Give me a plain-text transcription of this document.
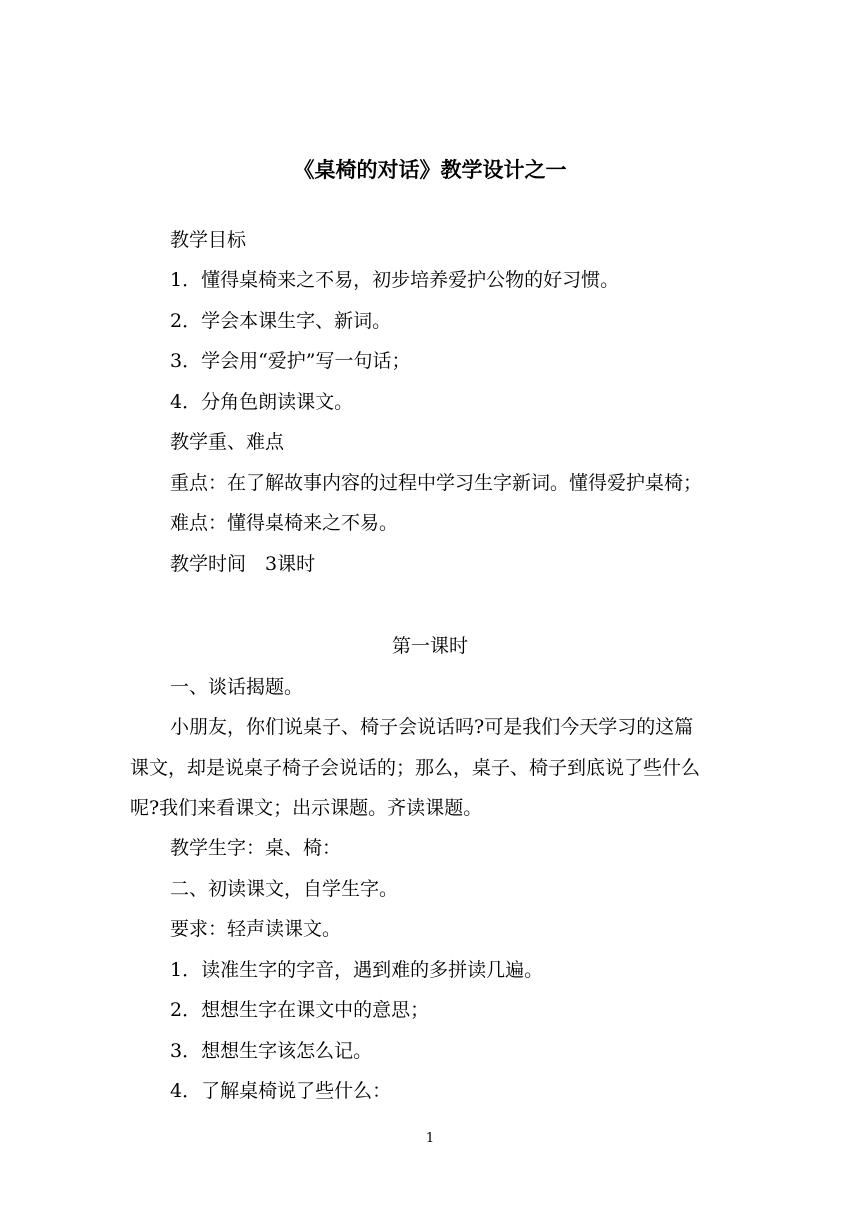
《桌椅的对话》教学设计之一
教学目标
1．懂得桌椅来之不易，初步培养爱护公物的好习惯。
2．学会本课生字、新词。
3．学会用“爱护”写一句话；
4．分角色朗读课文。
教学重、难点
重点：在了解故事内容的过程中学习生字新词。懂得爱护桌椅；
难点：懂得桌椅来之不易。
教学时间　3课时
第一课时
一、谈话揭题。
小朋友，你们说桌子、椅子会说话吗?可是我们今天学习的这篇
课文，却是说桌子椅子会说话的；那么，桌子、椅子到底说了些什么
呢?我们来看课文；出示课题。齐读课题。
教学生字：桌、椅：
二、初读课文，自学生字。
要求：轻声读课文。
1．读准生字的字音，遇到难的多拼读几遍。
2．想想生字在课文中的意思；
3．想想生字该怎么记。
4．了解桌椅说了些什么：
1
